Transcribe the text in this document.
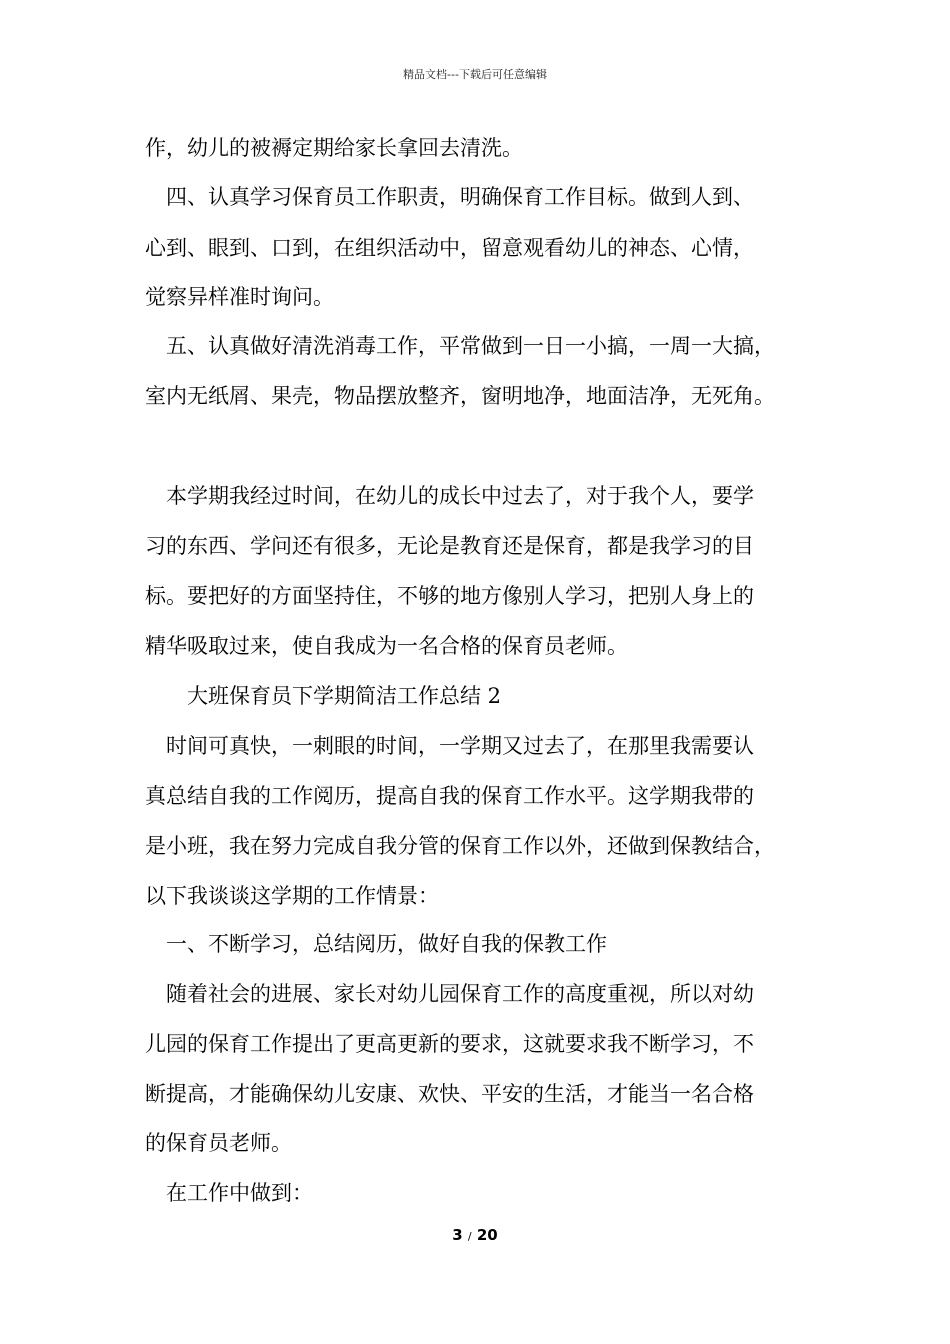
精品文档---下载后可任意编辑
作，幼儿的被褥定期给家长拿回去清洗。
四、认真学习保育员工作职责，明确保育工作目标。做到人到、
心到、眼到、口到，在组织活动中，留意观看幼儿的神态、心情，
觉察异样准时询问。
五、认真做好清洗消毒工作，平常做到一日一小搞，一周一大搞，
室内无纸屑、果壳，物品摆放整齐，窗明地净，地面洁净，无死角。
本学期我经过时间，在幼儿的成长中过去了，对于我个人，要学
习的东西、学问还有很多，无论是教育还是保育，都是我学习的目
标。要把好的方面坚持住，不够的地方像别人学习，把别人身上的
精华吸取过来，使自我成为一名合格的保育员老师。
大班保育员下学期简洁工作总结 2
时间可真快，一刺眼的时间，一学期又过去了，在那里我需要认
真总结自我的工作阅历，提高自我的保育工作水平。这学期我带的
是小班，我在努力完成自我分管的保育工作以外，还做到保教结合，
以下我谈谈这学期的工作情景：
一、不断学习，总结阅历，做好自我的保教工作
随着社会的进展、家长对幼儿园保育工作的高度重视，所以对幼
儿园的保育工作提出了更高更新的要求，这就要求我不断学习，不
断提高，才能确保幼儿安康、欢快、平安的生活，才能当一名合格
的保育员老师。
在工作中做到：
3 / 20
